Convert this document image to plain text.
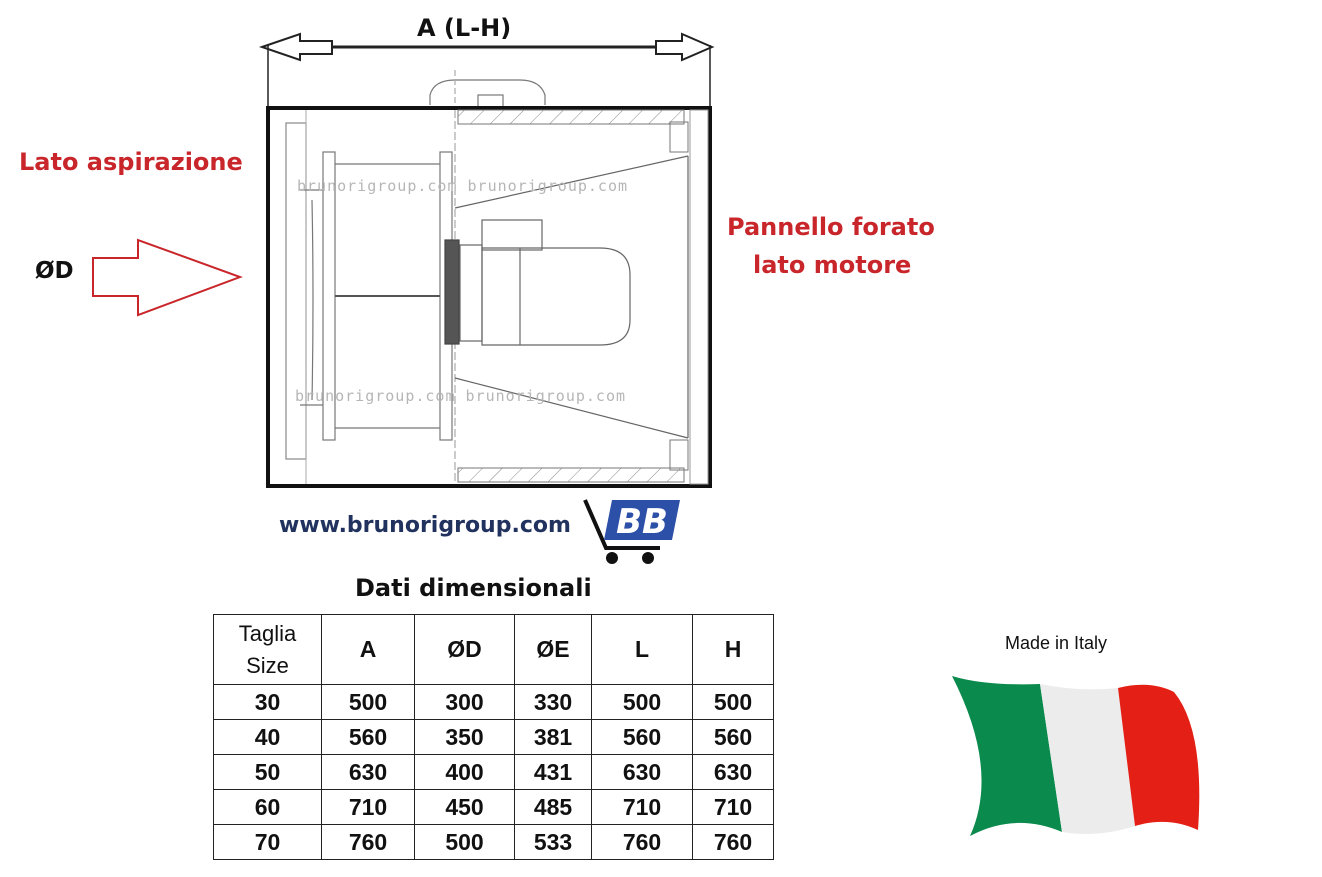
BB
A (L-H)
Lato aspirazione
ØD
Pannello forato
lato motore
brunorigroup.com brunorigroup.com
brunorigroup.com brunorigroup.com
www.brunorigroup.com
Dati dimensionali
Taglia
Size	A	ØD	ØE	L	H
30	500	300	330	500	500
40	560	350	381	560	560
50	630	400	431	630	630
60	710	450	485	710	710
70	760	500	533	760	760
Made in Italy
